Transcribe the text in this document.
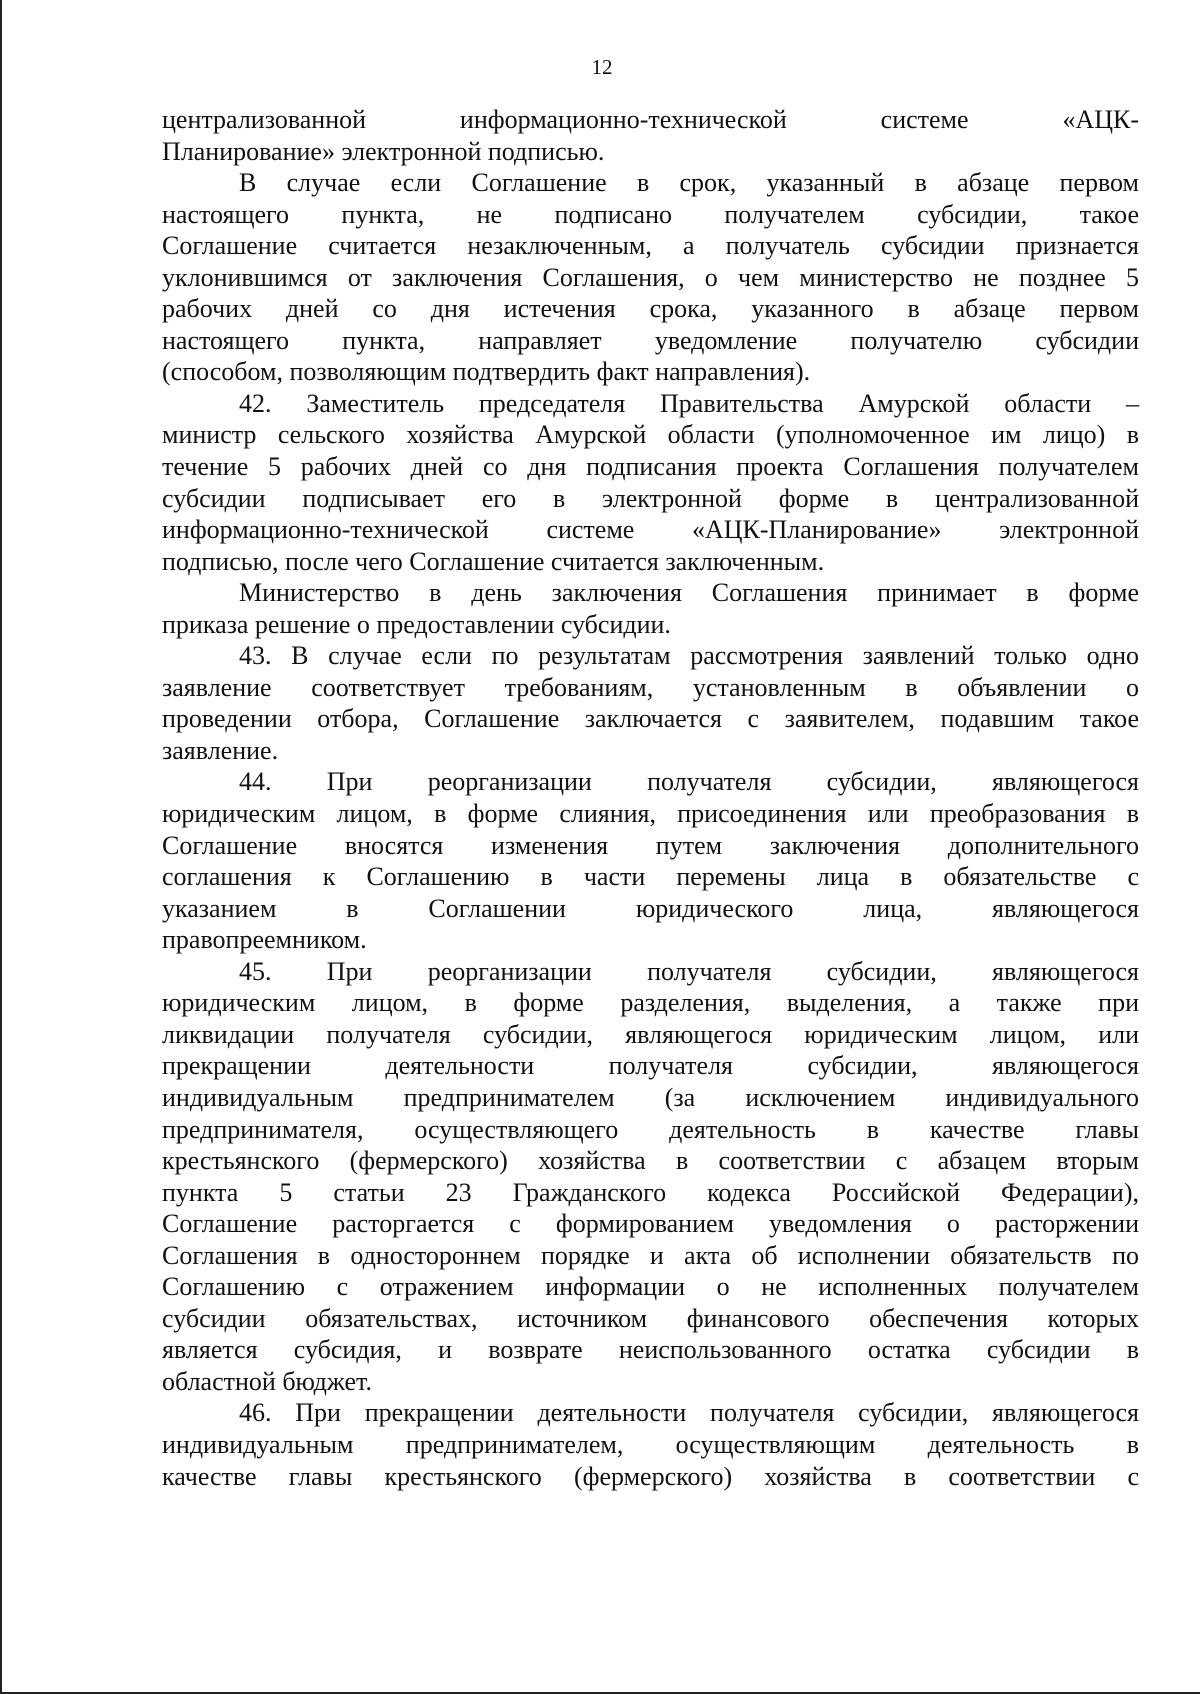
12
централизованной информационно-технической системе «АЦК-
Планирование» электронной подписью.
В случае если Соглашение в срок, указанный в абзаце первом
настоящего пункта, не подписано получателем субсидии, такое
Соглашение считается незаключенным, а получатель субсидии признается
уклонившимся от заключения Соглашения, о чем министерство не позднее 5
рабочих дней со дня истечения срока, указанного в абзаце первом
настоящего пункта, направляет уведомление получателю субсидии
(способом, позволяющим подтвердить факт направления).
42. Заместитель председателя Правительства Амурской области –
министр сельского хозяйства Амурской области (уполномоченное им лицо) в
течение 5 рабочих дней со дня подписания проекта Соглашения получателем
субсидии подписывает его в электронной форме в централизованной
информационно-технической системе «АЦК-Планирование» электронной
подписью, после чего Соглашение считается заключенным.
Министерство в день заключения Соглашения принимает в форме
приказа решение о предоставлении субсидии.
43. В случае если по результатам рассмотрения заявлений только одно
заявление соответствует требованиям, установленным в объявлении о
проведении отбора, Соглашение заключается с заявителем, подавшим такое
заявление.
44. При реорганизации получателя субсидии, являющегося
юридическим лицом, в форме слияния, присоединения или преобразования в
Соглашение вносятся изменения путем заключения дополнительного
соглашения к Соглашению в части перемены лица в обязательстве с
указанием в Соглашении юридического лица, являющегося
правопреемником.
45. При реорганизации получателя субсидии, являющегося
юридическим лицом, в форме разделения, выделения, а также при
ликвидации получателя субсидии, являющегося юридическим лицом, или
прекращении деятельности получателя субсидии, являющегося
индивидуальным предпринимателем (за исключением индивидуального
предпринимателя, осуществляющего деятельность в качестве главы
крестьянского (фермерского) хозяйства в соответствии с абзацем вторым
пункта 5 статьи 23 Гражданского кодекса Российской Федерации),
Соглашение расторгается с формированием уведомления о расторжении
Соглашения в одностороннем порядке и акта об исполнении обязательств по
Соглашению с отражением информации о не исполненных получателем
субсидии обязательствах, источником финансового обеспечения которых
является субсидия, и возврате неиспользованного остатка субсидии в
областной бюджет.
46. При прекращении деятельности получателя субсидии, являющегося
индивидуальным предпринимателем, осуществляющим деятельность в
качестве главы крестьянского (фермерского) хозяйства в соответствии с
